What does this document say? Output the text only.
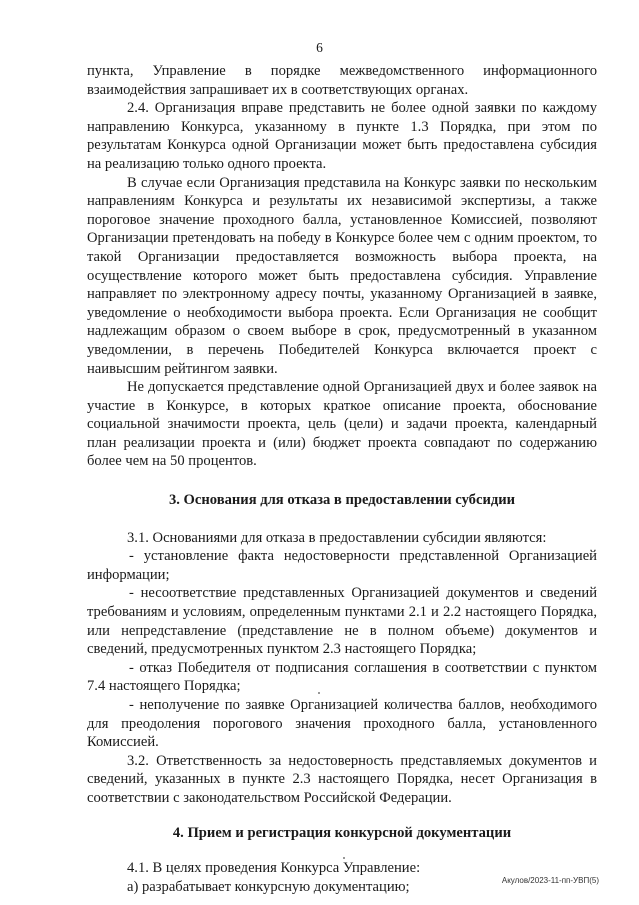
6

пункта, Управление в порядке межведомственного информационного взаимодействия запрашивает их в соответствующих органах.

2.4. Организация вправе представить не более одной заявки по каждому направлению Конкурса, указанному в пункте 1.3 Порядка, при этом по результатам Конкурса одной Организации может быть предоставлена субсидия на реализацию только одного проекта.

В случае если Организация представила на Конкурс заявки по нескольким направлениям Конкурса и результаты их независимой экспертизы, а также пороговое значение проходного балла, установленное Комиссией, позволяют Организации претендовать на победу в Конкурсе более чем с одним проектом, то такой Организации предоставляется возможность выбора проекта, на осуществление которого может быть предоставлена субсидия. Управление направляет по электронному адресу почты, указанному Организацией в заявке, уведомление о необходимости выбора проекта. Если Организация не сообщит надлежащим образом о своем выборе в срок, предусмотренный в указанном уведомлении, в перечень Победителей Конкурса включается проект с наивысшим рейтингом заявки.

Не допускается представление одной Организацией двух и более заявок на участие в Конкурсе, в которых краткое описание проекта, обоснование социальной значимости проекта, цель (цели) и задачи проекта, календарный план реализации проекта и (или) бюджет проекта совпадают по содержанию более чем на 50 процентов.

3. Основания для отказа в предоставлении субсидии

3.1. Основаниями для отказа в предоставлении субсидии являются:

- установление факта недостоверности представленной Организацией информации;

- несоответствие представленных Организацией документов и сведений требованиям и условиям, определенным пунктами 2.1 и 2.2 настоящего Порядка, или непредставление (представление не в полном объеме) документов и сведений, предусмотренных пунктом 2.3 настоящего Порядка;

- отказ Победителя от подписания соглашения в соответствии с пунктом 7.4 настоящего Порядка;

- неполучение по заявке Организацией количества баллов, необходимого для преодоления порогового значения проходного балла, установленного Комиссией.

3.2. Ответственность за недостоверность представляемых документов и сведений, указанных в пункте 2.3 настоящего Порядка, несет Организация в соответствии с законодательством Российской Федерации.

4. Прием и регистрация конкурсной документации

4.1. В целях проведения Конкурса Управление:

а) разрабатывает конкурсную документацию;	Акулов/2023-11-пп-УВП(5)
